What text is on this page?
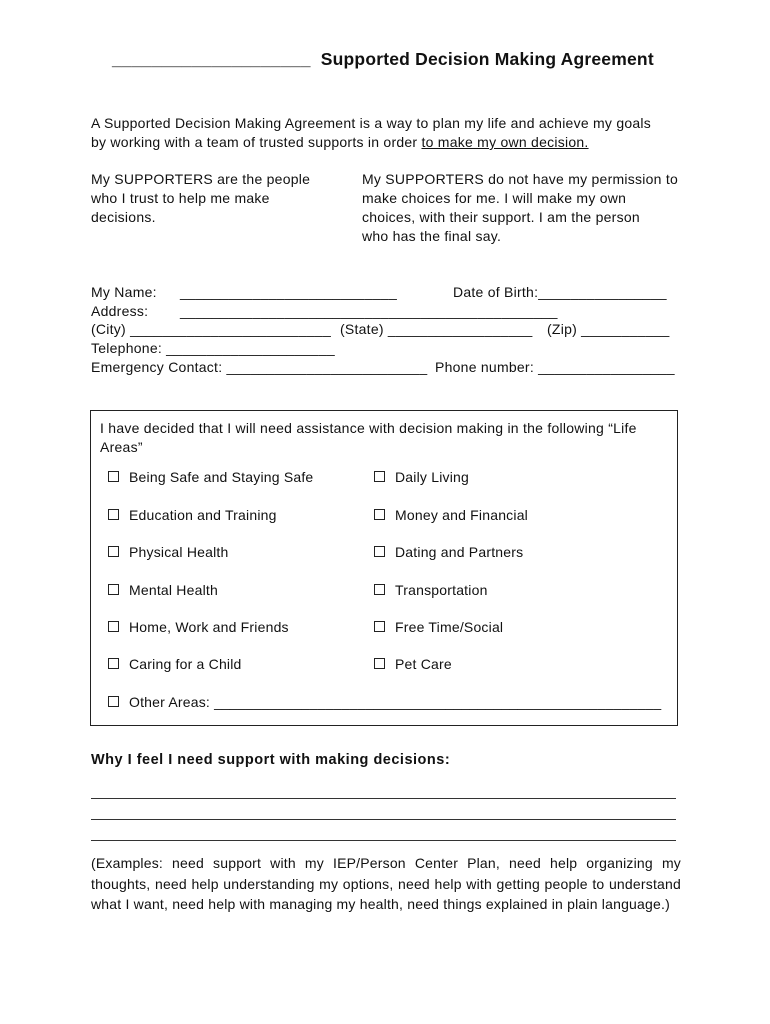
____________________ Supported Decision Making Agreement
A Supported Decision Making Agreement is a way to plan my life and achieve my goals
by working with a team of trusted supports in order to make my own decision.
My SUPPORTERS are the people
who I trust to help me make
decisions.
My SUPPORTERS do not have my permission to
make choices for me. I will make my own
choices, with their support. I am the person
who has the final say.
My Name: ___________________________	Date of Birth:________________
Address: _______________________________________________
(City) _________________________ (State) __________________ (Zip) ___________
Telephone: _____________________
Emergency Contact: _________________________ Phone number: _________________
I have decided that I will need assistance with decision making in the following “Life
Areas”
Being Safe and Staying Safe
Education and Training
Physical Health
Mental Health
Home, Work and Friends
Caring for a Child
Daily Living
Money and Financial
Dating and Partners
Transportation
Free Time/Social
Pet Care
Other Areas: ________________________________________________________
Why I feel I need support with making decisions:
(Examples: need support with my IEP/Person Center Plan, need help organizing my thoughts, need help understanding my options, need help with getting people to understand what I want, need help with managing my health, need things explained in plain language.)
